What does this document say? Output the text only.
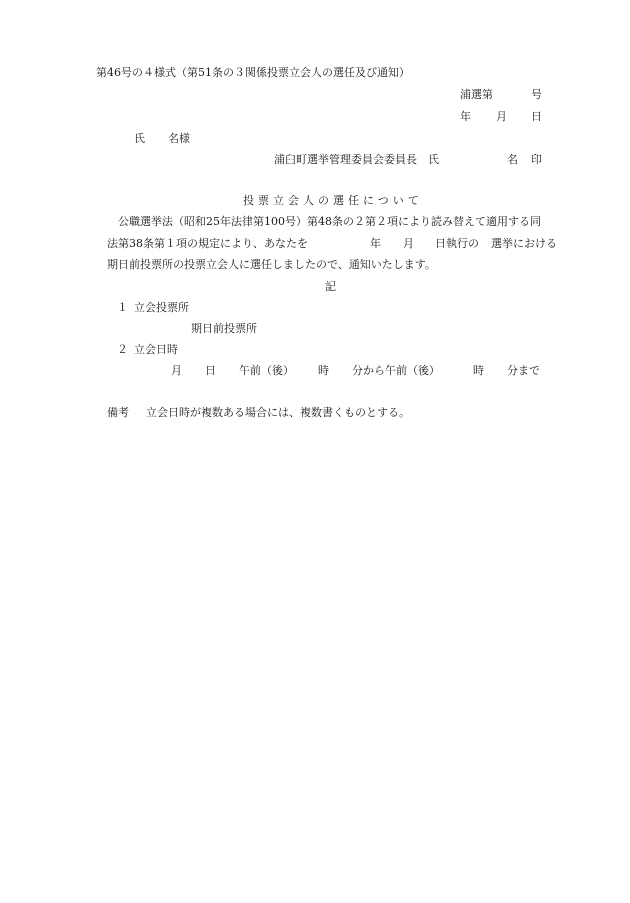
第46号の４様式（第51条の３関係投票立会人の選任及び通知）
浦選第	号
年 月 日
氏 名様
浦臼町選挙管理委員会委員長　氏	名 印
投票立会人の選任について
公職選挙法（昭和25年法律第100号）第48条の２第２項により読み替えて適用する同
法第38条第１項の規定により、あなたを	年 月 日執行の 選挙における
期日前投票所の投票立会人に選任しましたので、通知いたします。
記
１ 立会投票所
期日前投票所
２ 立会日時
月 日 午前（後） 時 分から午前（後）	時 分まで
備考 立会日時が複数ある場合には、複数書くものとする。
